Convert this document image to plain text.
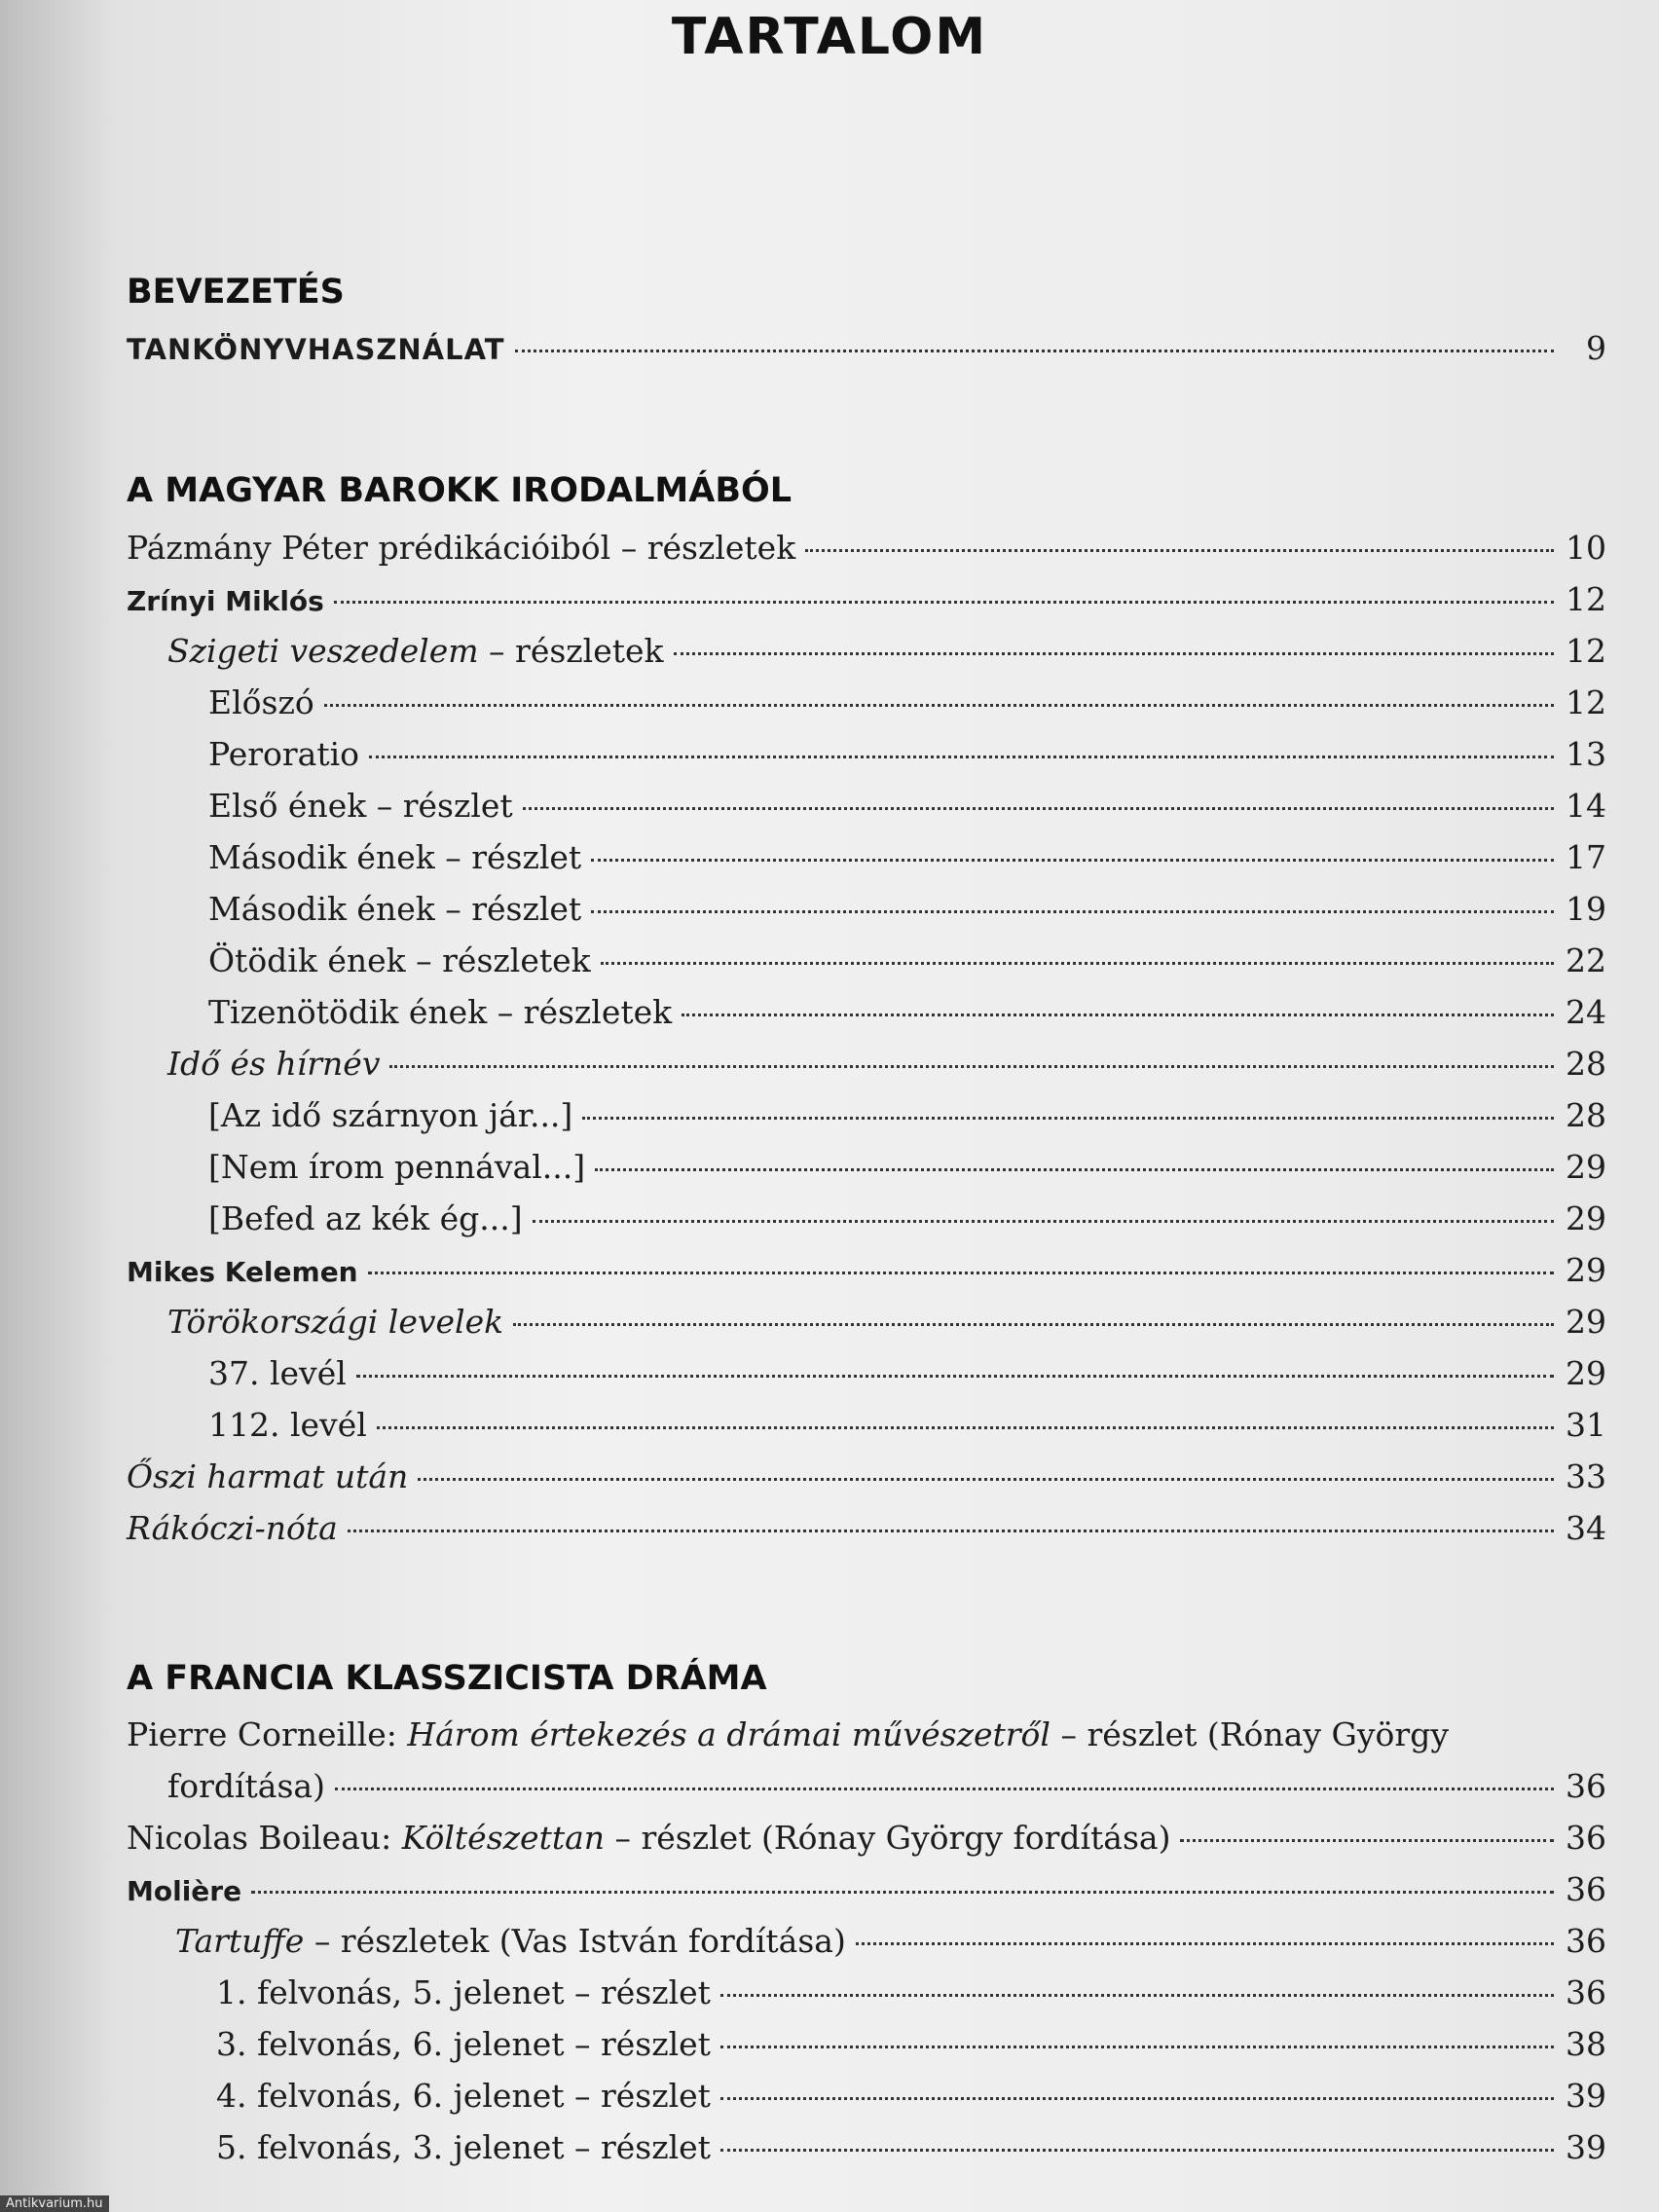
TARTALOM
BEVEZETÉS
TANKÖNYVHASZNÁLAT	9
A MAGYAR BAROKK IRODALMÁBÓL
Pázmány Péter prédikációiból – részletek	10
Zrínyi Miklós	12
Szigeti veszedelem – részletek	12
Előszó	12
Peroratio	13
Első ének – részlet	14
Második ének – részlet	17
Második ének – részlet	19
Ötödik ének – részletek	22
Tizenötödik ének – részletek	24
Idő és hírnév	28
[Az idő szárnyon jár...]	28
[Nem írom pennával...]	29
[Befed az kék ég...]	29
Mikes Kelemen	29
Törökországi levelek	29
37. levél	29
112. levél	31
Őszi harmat után	33
Rákóczi-nóta	34
A FRANCIA KLASSZICISTA DRÁMA

Pierre Corneille: Három értekezés a drámai művészetről – részlet (Rónay György

fordítása)	36
Nicolas Boileau: Költészettan – részlet (Rónay György fordítása)	36
Molière	36
Tartuffe – részletek (Vas István fordítása)	36
1. felvonás, 5. jelenet – részlet	36
3. felvonás, 6. jelenet – részlet	38
4. felvonás, 6. jelenet – részlet	39
5. felvonás, 3. jelenet – részlet	39
Antikvarium.hu
